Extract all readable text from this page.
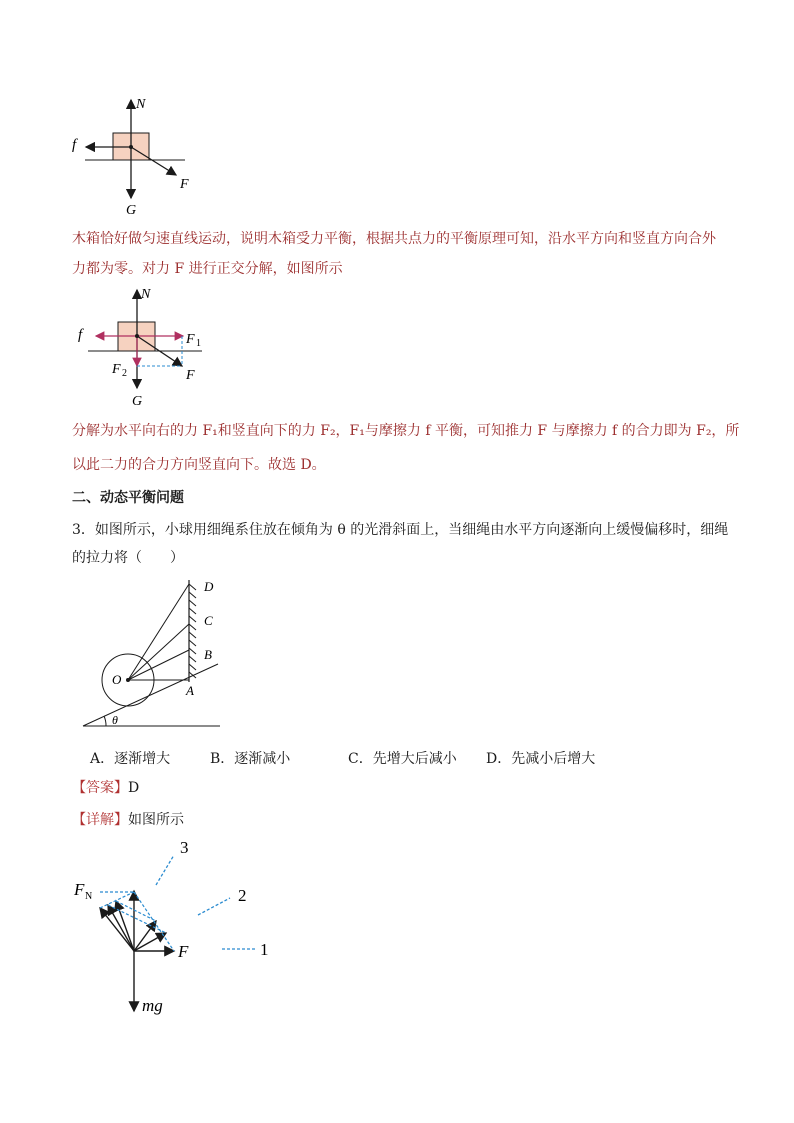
N
f
F
G
木箱恰好做匀速直线运动，说明木箱受力平衡，根据共点力的平衡原理可知，沿水平方向和竖直方向合外
力都为零。对力 F 进行正交分解，如图所示
N
f	F 1
F 2	F
G
分解为水平向右的力 F₁和竖直向下的力 F₂，F₁与摩擦力 f 平衡，可知推力 F 与摩擦力 f 的合力即为 F₂，所
以此二力的合力方向竖直向下。故选 D。
二、动态平衡问题
3．如图所示，小球用细绳系住放在倾角为 θ 的光滑斜面上，当细绳由水平方向逐渐向上缓慢偏移时，细绳
的拉力将（　　）
D
C
B
A
O
θ
A．逐渐增大	B．逐渐减小	C．先增大后减小 D．先减小后增大
【答案】D
【详解】如图所示
3
2
1
F N
F
mg
